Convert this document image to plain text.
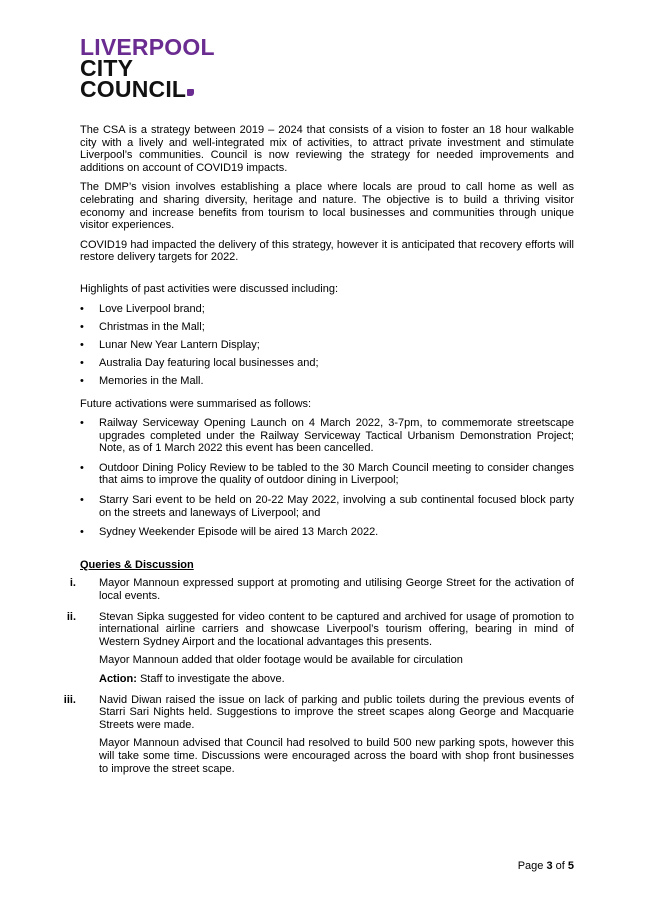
LIVERPOOL
CITY
COUNCIL

The CSA is a strategy between 2019 – 2024 that consists of a vision to foster an 18 hour walkable city with a lively and well-integrated mix of activities, to attract private investment and stimulate Liverpool’s communities. Council is now reviewing the strategy for needed improvements and additions on account of COVID19 impacts.

The DMP’s vision involves establishing a place where locals are proud to call home as well as celebrating and sharing diversity, heritage and nature. The objective is to build a thriving visitor economy and increase benefits from tourism to local businesses and communities through unique visitor experiences.

COVID19 had impacted the delivery of this strategy, however it is anticipated that recovery efforts will restore delivery targets for 2022.

Highlights of past activities were discussed including:

• Love Liverpool brand;
• Christmas in the Mall;
• Lunar New Year Lantern Display;
• Australia Day featuring local businesses and;
• Memories in the Mall.

Future activations were summarised as follows:

• Railway Serviceway Opening Launch on 4 March 2022, 3-7pm, to commemorate streetscape upgrades completed under the Railway Serviceway Tactical Urbanism Demonstration Project; Note, as of 1 March 2022 this event has been cancelled.
• Outdoor Dining Policy Review to be tabled to the 30 March Council meeting to consider changes that aims to improve the quality of outdoor dining in Liverpool;
• Starry Sari event to be held on 20-22 May 2022, involving a sub continental focused block party on the streets and laneways of Liverpool; and
• Sydney Weekender Episode will be aired 13 March 2022.
Queries & Discussion
i. Mayor Mannoun expressed support at promoting and utilising George Street for the activation of local events.

ii. Stevan Sipka suggested for video content to be captured and archived for usage of promotion to international airline carriers and showcase Liverpool’s tourism offering, bearing in mind of Western Sydney Airport and the locational advantages this presents.

Mayor Mannoun added that older footage would be available for circulation

Action: Staff to investigate the above.

iii. Navid Diwan raised the issue on lack of parking and public toilets during the previous events of Starri Sari Nights held. Suggestions to improve the street scapes along George and Macquarie Streets were made.

Mayor Mannoun advised that Council had resolved to build 500 new parking spots, however this will take some time. Discussions were encouraged across the board with shop front businesses to improve the street scape.

Page 3 of 5
